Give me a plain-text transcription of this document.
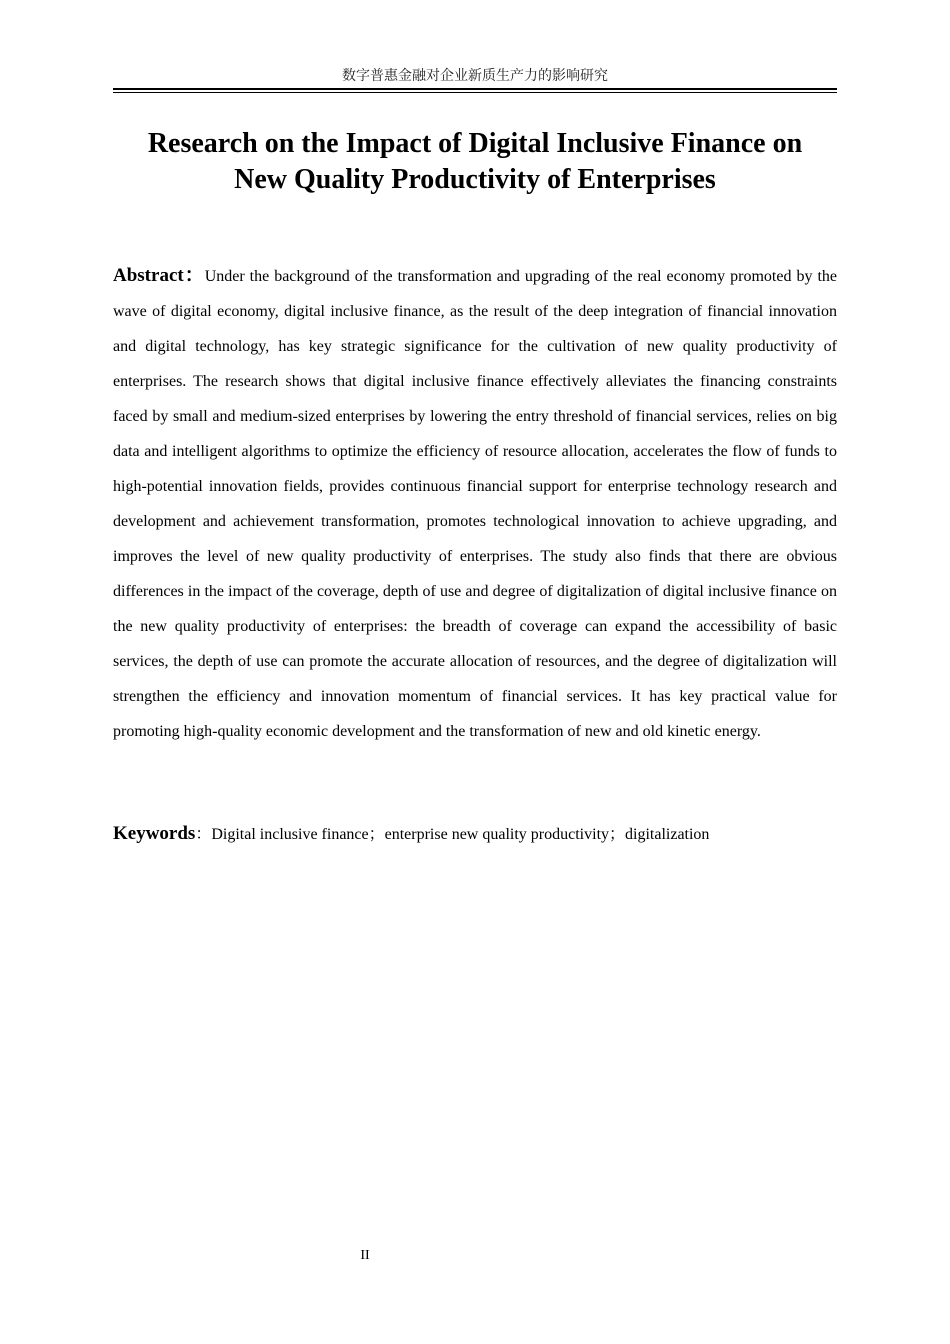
数字普惠金融对企业新质生产力的影响研究
Research on the Impact of Digital Inclusive Finance on
New Quality Productivity of Enterprises

Abstract：Under the background of the transformation and upgrading of the real economy promoted by the wave of digital economy, digital inclusive finance, as the result of the deep integration of financial innovation and digital technology, has key strategic significance for the cultivation of new quality productivity of enterprises. The research shows that digital inclusive finance effectively alleviates the financing constraints faced by small and medium-sized enterprises by lowering the entry threshold of financial services, relies on big data and intelligent algorithms to optimize the efficiency of resource allocation, accelerates the flow of funds to high-potential innovation fields, provides continuous financial support for enterprise technology research and development and achievement transformation, promotes technological innovation to achieve upgrading, and improves the level of new quality productivity of enterprises. The study also finds that there are obvious differences in the impact of the coverage, depth of use and degree of digitalization of digital inclusive finance on the new quality productivity of enterprises: the breadth of coverage can expand the accessibility of basic services, the depth of use can promote the accurate allocation of resources, and the degree of digitalization will strengthen the efficiency and innovation momentum of financial services. It has key practical value for promoting high-quality economic development and the transformation of new and old kinetic energy.

Keywords：Digital inclusive finance；enterprise new quality productivity；digitalization

II
